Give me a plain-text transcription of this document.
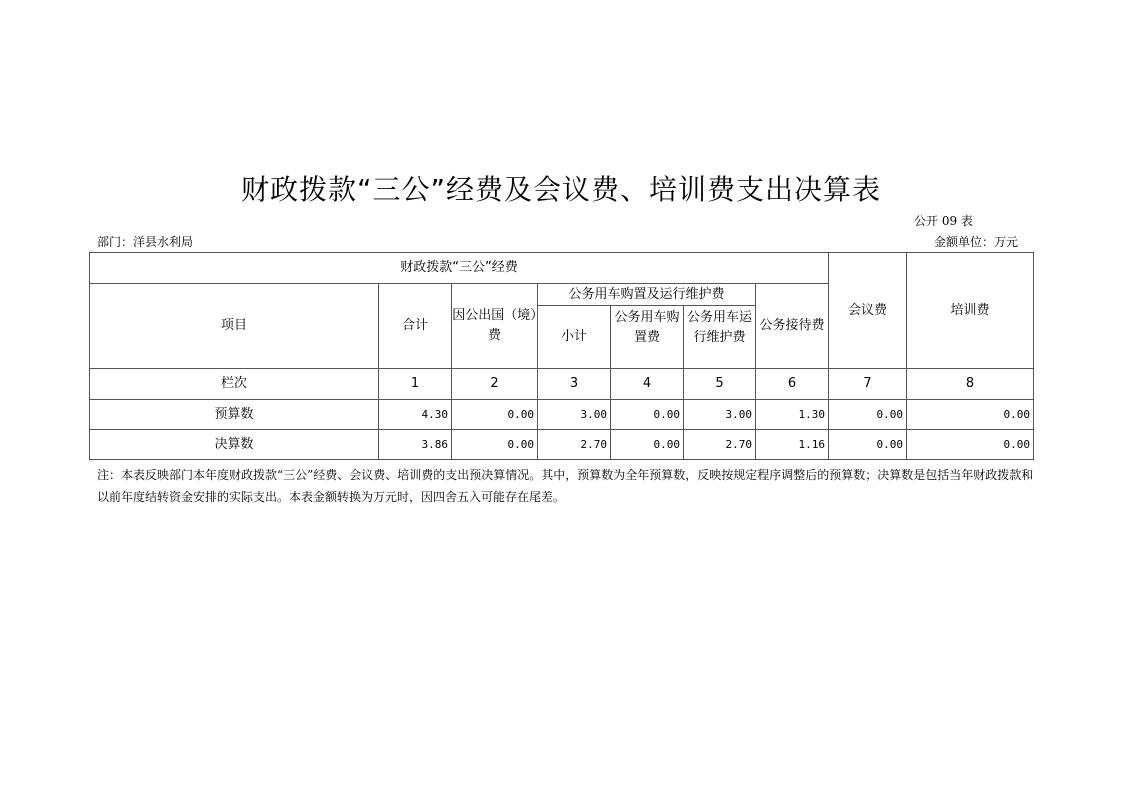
财政拨款“三公”经费及会议费、培训费支出决算表
公开 09 表
部门：洋县水利局	金额单位：万元
财政拨款“三公”经费							会议费	培训费
项目	合计	因公出国（境）费	公务用车购置及运行维护费			公务接待费		
			小计	公务用车购置费	公务用车运行维护费			
栏次	1	2	3	4	5	6	7	8
预算数	4.30	0.00	3.00	0.00	3.00	1.30	0.00	0.00
决算数	3.86	0.00	2.70	0.00	2.70	1.16	0.00	0.00
注：本表反映部门本年度财政拨款“三公”经费、会议费、培训费的支出预决算情况。其中，预算数为全年预算数，反映按规定程序调整后的预算数；决算数是包括当年财政拨款和以前年度结转资金安排的实际支出。本表金额转换为万元时，因四舍五入可能存在尾差。
